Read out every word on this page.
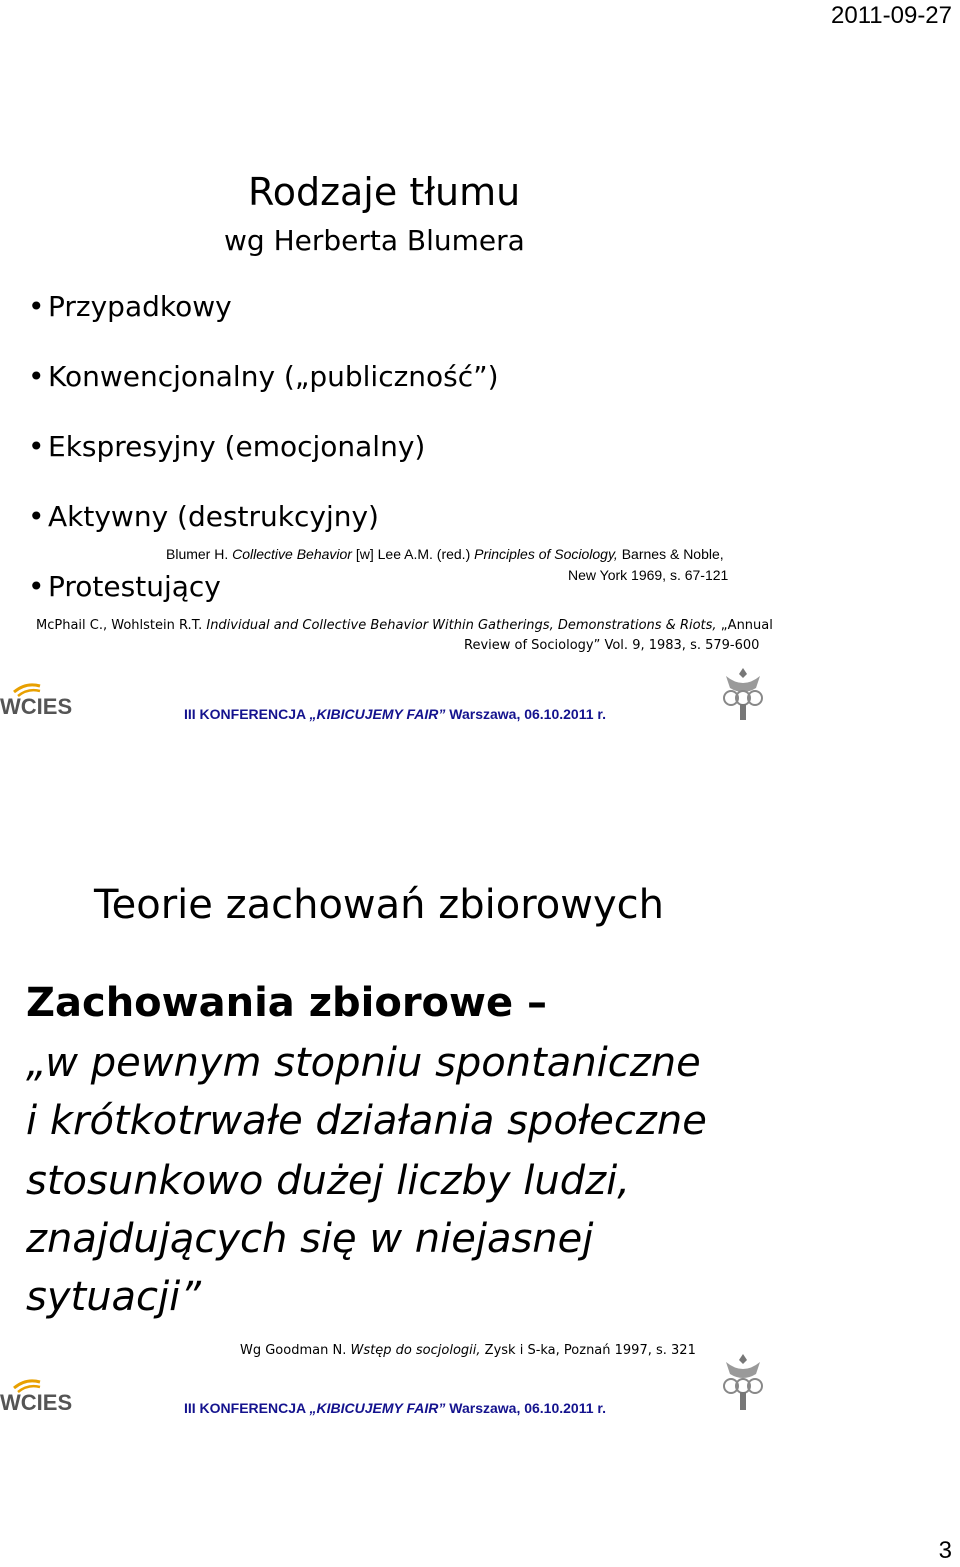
2011-09-27
Rodzaje tłumu
wg Herberta Blumera
• Przypadkowy
• Konwencjonalny („publiczność”)
• Ekspresyjny (emocjonalny)
• Aktywny (destrukcyjny)
• Protestujący
Blumer H. Collective Behavior [w] Lee A.M. (red.) Principles of Sociology, Barnes & Noble,
New York 1969, s. 67-121
McPhail C., Wohlstein R.T. Individual and Collective Behavior Within Gatherings, Demonstrations & Riots, „Annual
Review of Sociology” Vol. 9, 1983, s. 579-600
WCIES	III KONFERENCJA „KIBICUJEMY FAIR” Warszawa, 06.10.2011 r.
Teorie zachowań zbiorowych
Zachowania zbiorowe –
„w pewnym stopniu spontaniczne
i krótkotrwałe działania społeczne
stosunkowo dużej liczby ludzi,
znajdujących się w niejasnej
sytuacji”
Wg Goodman N. Wstęp do socjologii, Zysk i S-ka, Poznań 1997, s. 321
WCIES	III KONFERENCJA „KIBICUJEMY FAIR” Warszawa, 06.10.2011 r.
3
